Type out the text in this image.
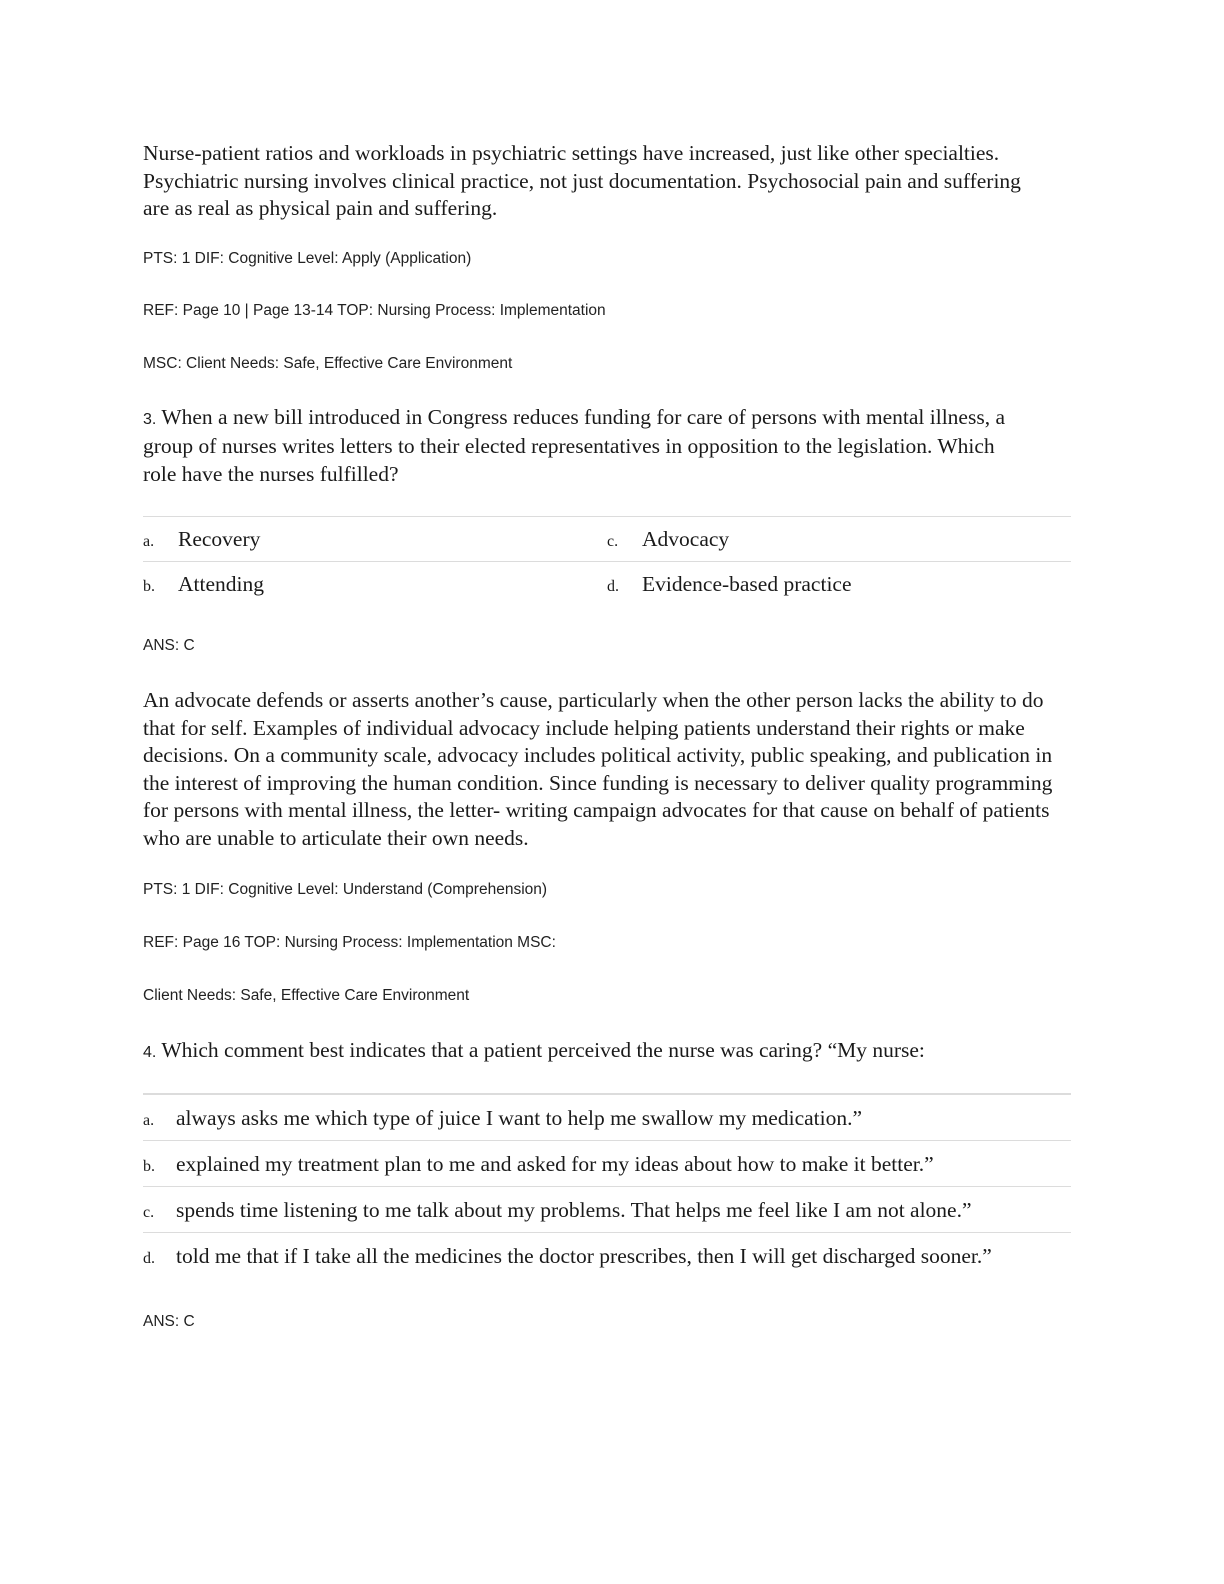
Nurse-patient ratios and workloads in psychiatric settings have increased, just like other specialties. Psychiatric nursing involves clinical practice, not just documentation. Psychosocial pain and suffering are as real as physical pain and suffering.

PTS: 1 DIF: Cognitive Level: Apply (Application)

REF: Page 10 | Page 13-14 TOP: Nursing Process: Implementation

MSC: Client Needs: Safe, Effective Care Environment

3. When a new bill introduced in Congress reduces funding for care of persons with mental illness, a group of nurses writes letters to their elected representatives in opposition to the legislation. Which role have the nurses fulfilled?

a.	Recovery	c.	Advocacy
b.	Attending	d.	Evidence-based practice

ANS: C

An advocate defends or asserts another’s cause, particularly when the other person lacks the ability to do that for self. Examples of individual advocacy include helping patients understand their rights or make decisions. On a community scale, advocacy includes political activity, public speaking, and publication in the interest of improving the human condition. Since funding is necessary to deliver quality programming for persons with mental illness, the letter- writing campaign advocates for that cause on behalf of patients who are unable to articulate their own needs.

PTS: 1 DIF: Cognitive Level: Understand (Comprehension)

REF: Page 16 TOP: Nursing Process: Implementation MSC:

Client Needs: Safe, Effective Care Environment

4. Which comment best indicates that a patient perceived the nurse was caring? “My nurse:

a.	always asks me which type of juice I want to help me swallow my medication.”
b. explained my treatment plan to me and asked for my ideas about how to make it better.”
c.	spends time listening to me talk about my problems. That helps me feel like I am not alone.”
d. told me that if I take all the medicines the doctor prescribes, then I will get discharged sooner.”

ANS: C
